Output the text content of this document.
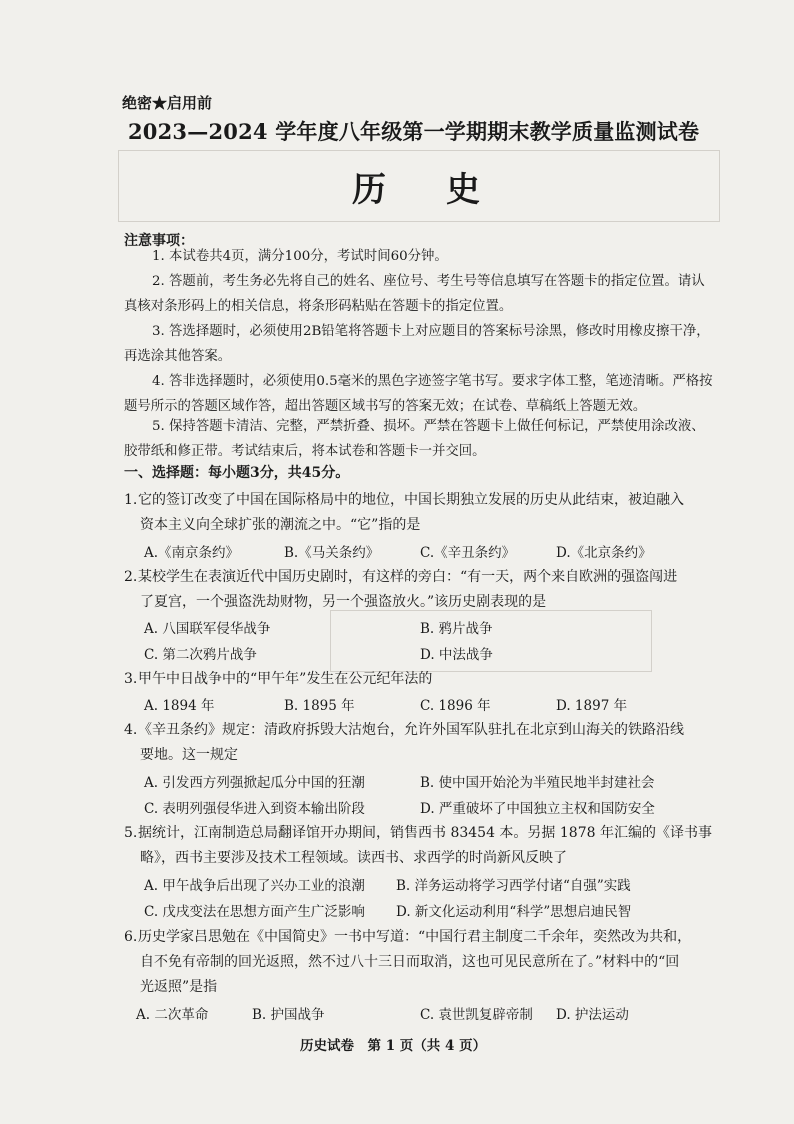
绝密★启用前
2023—2024 学年度八年级第一学期期末教学质量监测试卷
历史
注意事项：
1. 本试卷共4页，满分100分，考试时间60分钟。
2. 答题前，考生务必先将自己的姓名、座位号、考生号等信息填写在答题卡的指定位置。请认真核对条形码上的相关信息，将条形码粘贴在答题卡的指定位置。
3. 答选择题时，必须使用2B铅笔将答题卡上对应题目的答案标号涂黑，修改时用橡皮擦干净，再选涂其他答案。
4. 答非选择题时，必须使用0.5毫米的黑色字迹签字笔书写。要求字体工整，笔迹清晰。严格按题号所示的答题区域作答，超出答题区域书写的答案无效；在试卷、草稿纸上答题无效。
5. 保持答题卡清洁、完整，严禁折叠、损坏。严禁在答题卡上做任何标记，严禁使用涂改液、胶带纸和修正带。考试结束后，将本试卷和答题卡一并交回。
一、选择题：每小题3分，共45分。
1.它的签订改变了中国在国际格局中的地位，中国长期独立发展的历史从此结束，被迫融入
资本主义向全球扩张的潮流之中。“它”指的是
A.《南京条约》	B.《马关条约》	C.《辛丑条约》	D.《北京条约》
2.某校学生在表演近代中国历史剧时，有这样的旁白：“有一天，两个来自欧洲的强盗闯进
了夏宫，一个强盗洗劫财物，另一个强盗放火。”该历史剧表现的是
A. 八国联军侵华战争	B. 鸦片战争
C. 第二次鸦片战争	D. 中法战争
3.甲午中日战争中的“甲午年”发生在公元纪年法的
A. 1894 年	B. 1895 年	C. 1896 年	D. 1897 年
4.《辛丑条约》规定：清政府拆毁大沽炮台，允许外国军队驻扎在北京到山海关的铁路沿线
要地。这一规定
A. 引发西方列强掀起瓜分中国的狂潮	B. 使中国开始沦为半殖民地半封建社会
C. 表明列强侵华进入到资本输出阶段	D. 严重破坏了中国独立主权和国防安全
5.据统计，江南制造总局翻译馆开办期间，销售西书 83454 本。另据 1878 年汇编的《译书事
略》，西书主要涉及技术工程领域。读西书、求西学的时尚新风反映了
A. 甲午战争后出现了兴办工业的浪潮 B. 洋务运动将学习西学付诸“自强”实践
C. 戊戌变法在思想方面产生广泛影响 D. 新文化运动利用“科学”思想启迪民智
6.历史学家吕思勉在《中国简史》一书中写道：“中国行君主制度二千余年，奕然改为共和，
自不免有帝制的回光返照，然不过八十三日而取消，这也可见民意所在了。”材料中的“回
光返照”是指
A. 二次革命	B. 护国战争	C. 袁世凯复辟帝制 D. 护法运动
历史试卷　第 1 页（共 4 页）
